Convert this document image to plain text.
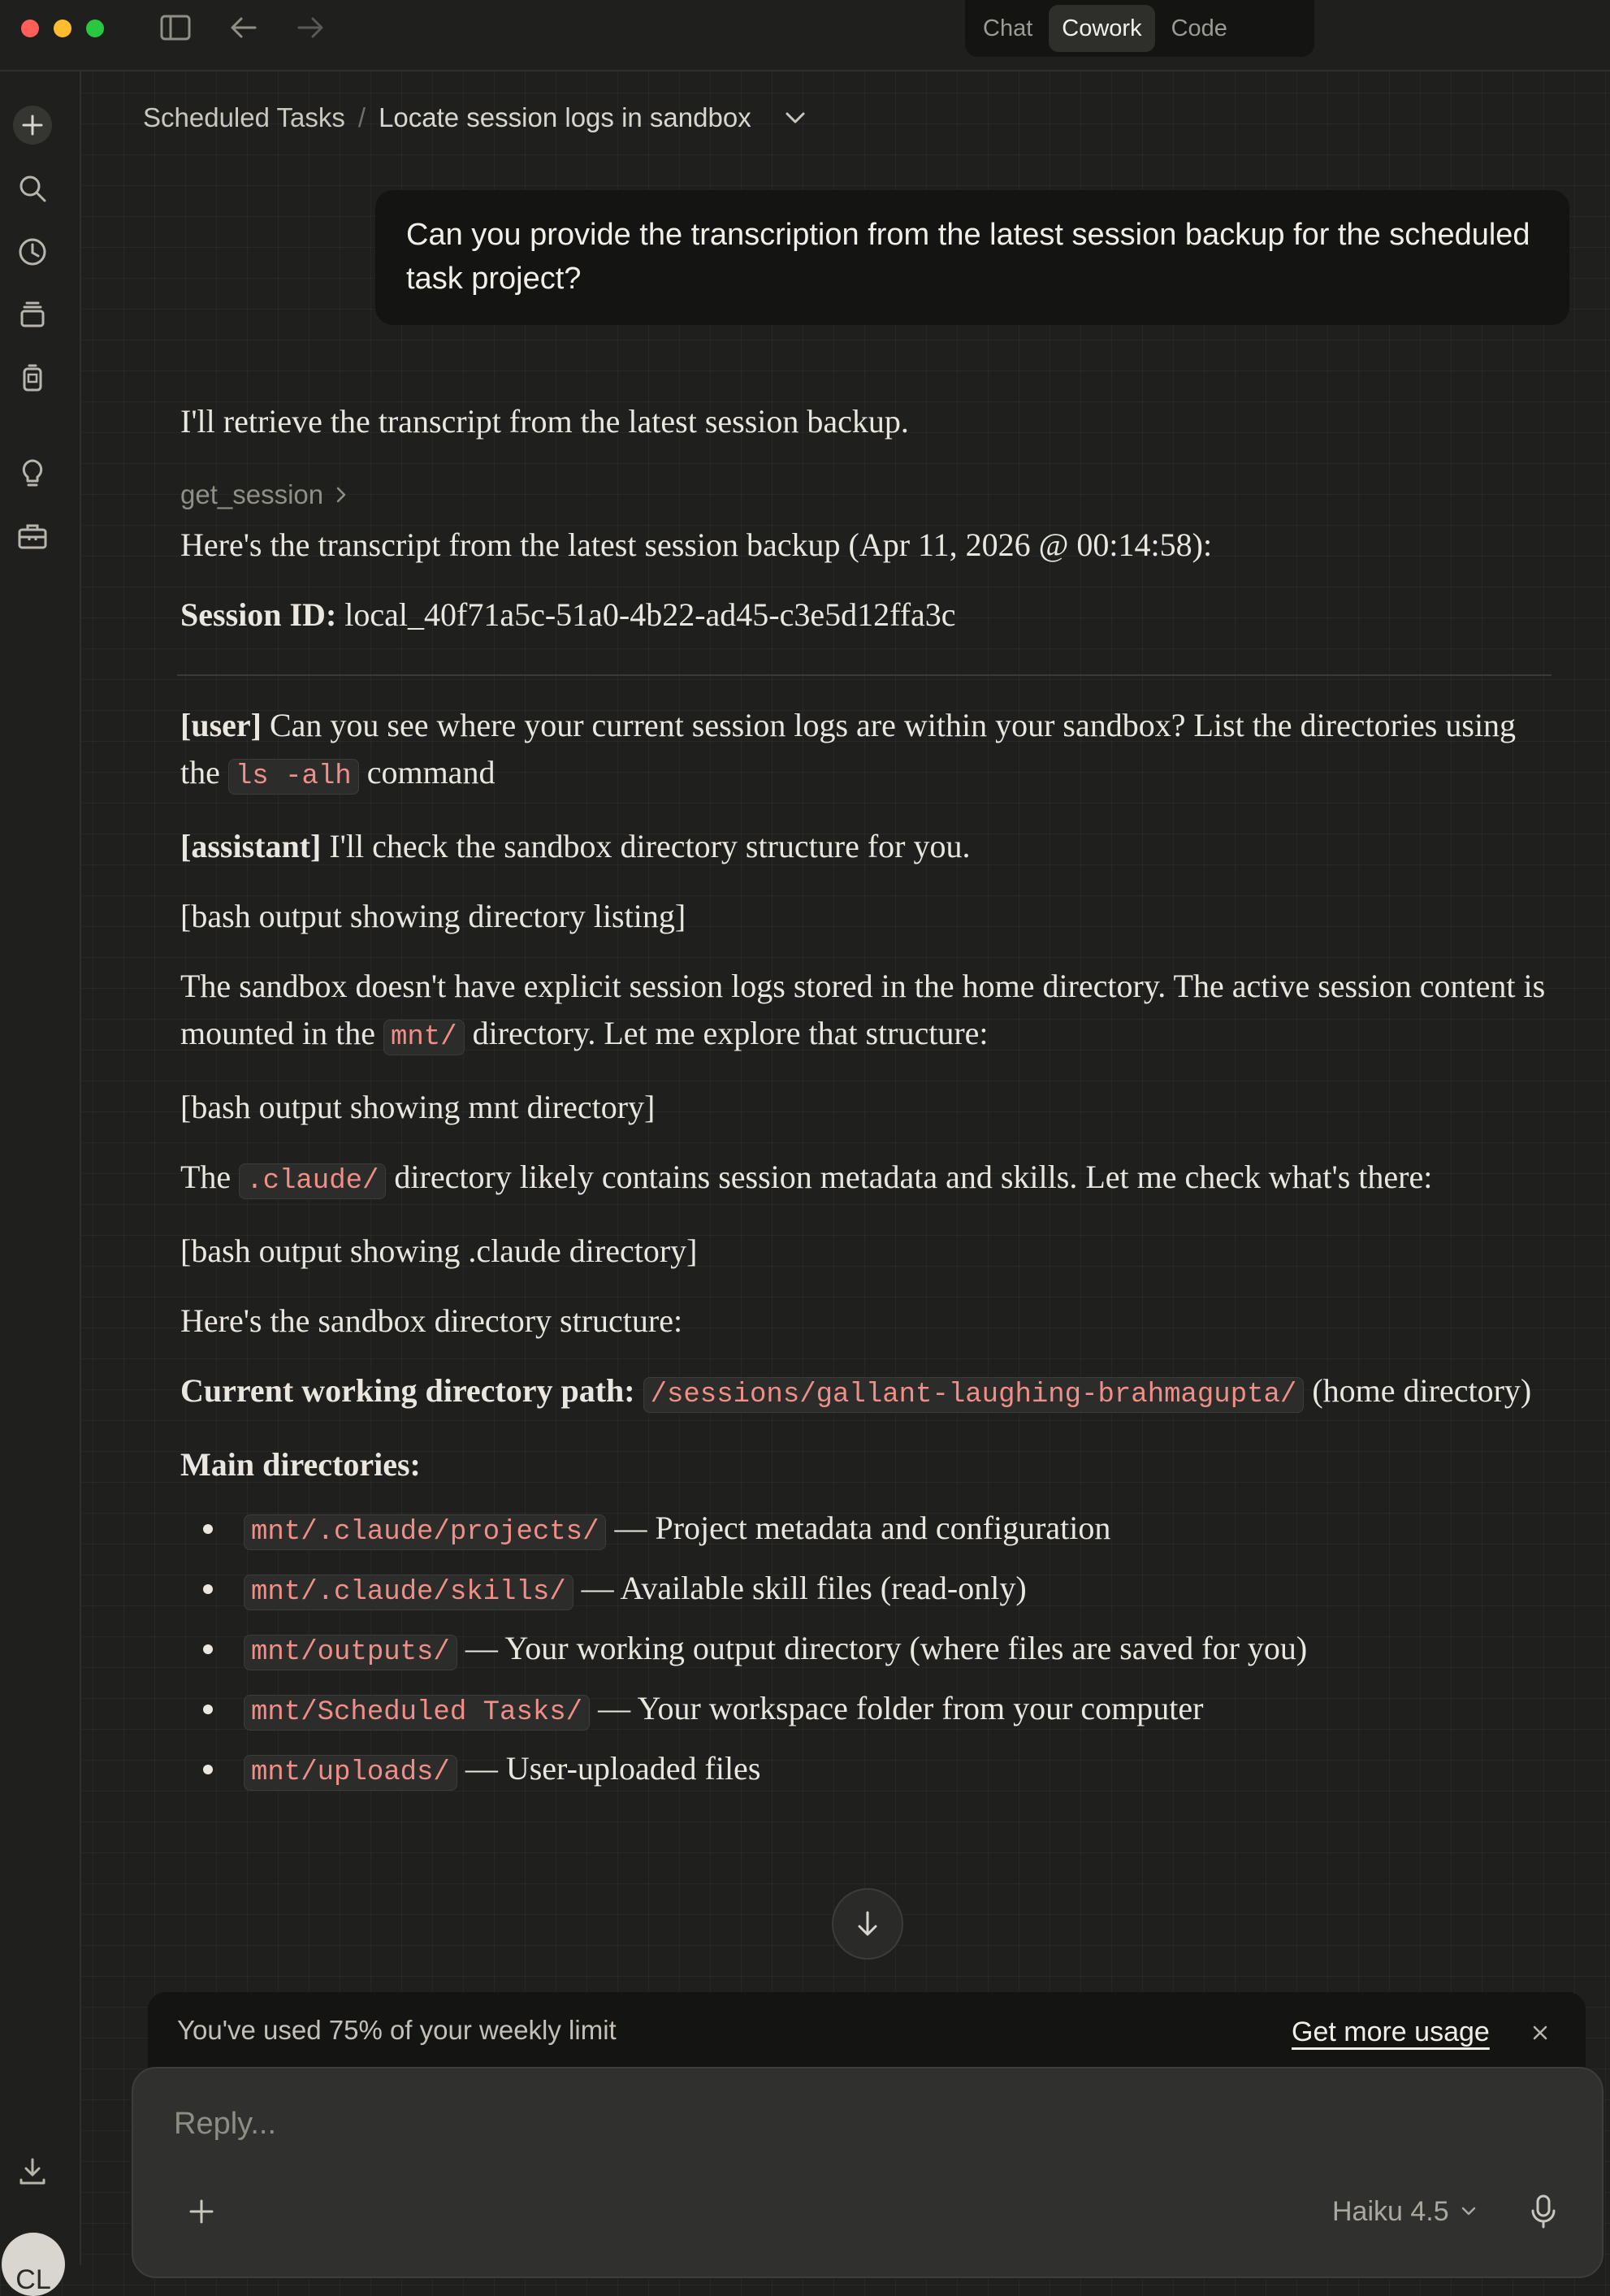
Chat	Cowork	Code
CL
Scheduled Tasks / Locate session logs in sandbox
Can you provide the transcription from the latest session backup for the scheduled task project?

I'll retrieve the transcript from the latest session backup.

get_session

Here's the transcript from the latest session backup (Apr 11, 2026 @ 00:14:58):

Session ID: local_40f71a5c-51a0-4b22-ad45-c3e5d12ffa3c

[user] Can you see where your current session logs are within your sandbox? List the directories using the ls -alh command

[assistant] I'll check the sandbox directory structure for you.

[bash output showing directory listing]

The sandbox doesn't have explicit session logs stored in the home directory. The active session content is mounted in the mnt/ directory. Let me explore that structure:

[bash output showing mnt directory]

The .claude/ directory likely contains session metadata and skills. Let me check what's there:

[bash output showing .claude directory]

Here's the sandbox directory structure:

Current working directory path: /sessions/gallant-laughing-brahmagupta/ (home directory)

Main directories:

mnt/.claude/projects/ — Project metadata and configuration
mnt/.claude/skills/ — Available skill files (read-only)
mnt/outputs/ — Your working output directory (where files are saved for you)
mnt/Scheduled Tasks/ — Your workspace folder from your computer
mnt/uploads/ — User-uploaded files
You've used 75% of your weekly limit	Get more usage
Reply...
Haiku 4.5
